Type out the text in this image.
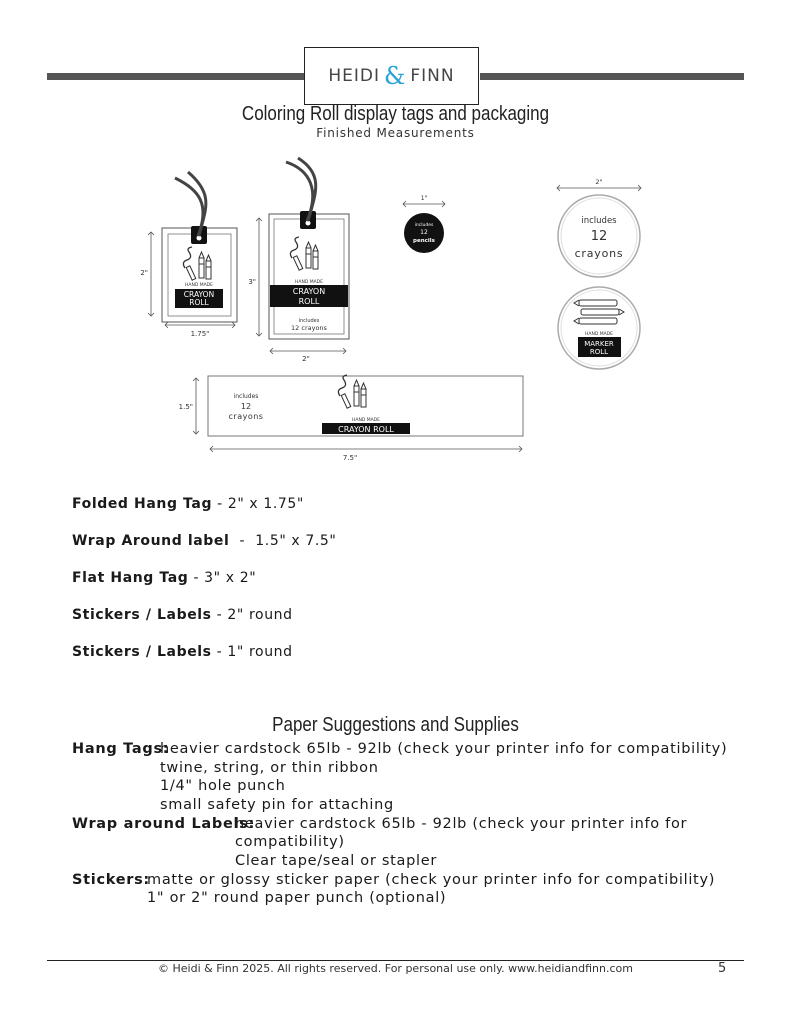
HEIDI & FINN
Coloring Roll display tags and packaging
Finished Measurements
HAND MADE
CRAYON
ROLL
2"
1.75"
HAND MADE
CRAYON
ROLL
includes
12 crayons
3"
2"
1"
includes
12
pencils
2"
includes
12
crayons
HAND MADE
MARKER
ROLL
includes
12
crayons	HAND MADE
CRAYON ROLL
1.5"
7.5"
Folded Hang Tag - 2" x 1.75"
Wrap Around label  -  1.5" x 7.5"
Flat Hang Tag - 3" x 2"
Stickers / Labels - 2" round
Stickers / Labels - 1" round
Paper Suggestions and Supplies
Hang Tags:
heavier cardstock 65lb - 92lb (check your printer info for compatibility)
twine, string, or thin ribbon
1/4" hole punch
small safety pin for attaching
Wrap around Labels:
heavier cardstock 65lb - 92lb (check your printer info for
compatibility)
Clear tape/seal or stapler
Stickers:
matte or glossy sticker paper (check your printer info for compatibility)
1" or 2" round paper punch (optional)
© Heidi & Finn 2025. All rights reserved. For personal use only. www.heidiandfinn.com	5
